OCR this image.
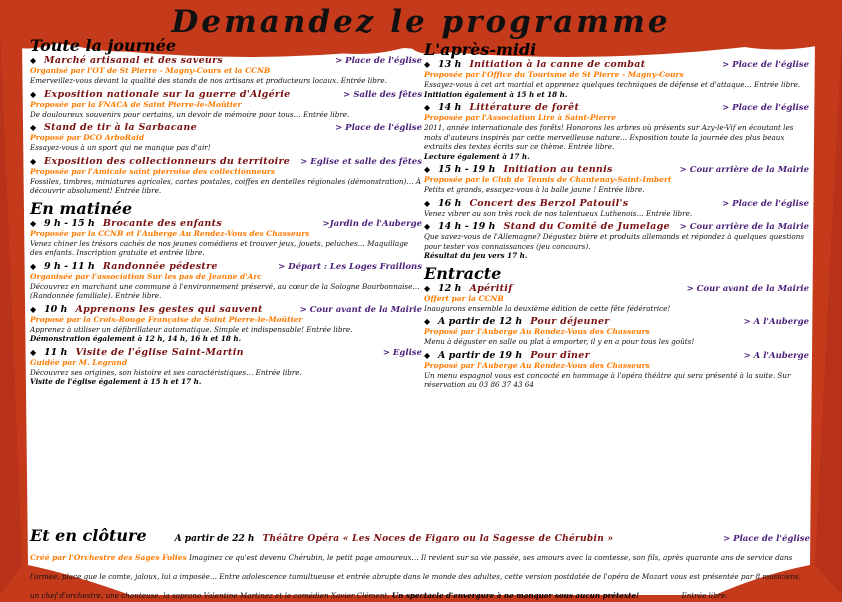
Demandez le programme
Toute la journée
◆ Marché artisanal et des saveurs	> Place de l'église
Organisé par l'OT de St Pierre - Magny-Cours et la CCNB
Emerveillez-vous devant la qualité des stands de nos artisans et producteurs locaux. Entrée libre.
◆ Exposition nationale sur la guerre d'Algérie	> Salle des fêtes
Proposée par la FNACA de Saint Pierre-le-Moûtier
De douloureux souvenirs pour certains, un devoir de mémoire pour tous… Entrée libre.
◆ Stand de tir à la Sarbacane	> Place de l'église
Proposé par DCO ArboRaid
Essayez-vous à un sport qui ne manque pas d'air!
◆ Exposition des collectionneurs du territoire > Eglise et salle des fêtes
Proposée par l'Amicale saint pierroise des collectionneurs
Fossiles, timbres, miniatures agricoles, cartes postales, coiffes en dentelles régionales (démonstration)… À découvrir absolument! Entrée libre.
En matinée
◆ 9 h - 15 h Brocante des enfants	>Jardin de l'Auberge
Proposée par la CCNB et l'Auberge Au Rendez-Vous des Chasseurs
Venez chiner les trésors cachés de nos jeunes comédiens et trouver jeux, jouets, peluches… Maquillage des enfants. Inscription gratuite et entrée libre.
◆ 9 h - 11 h Randonnée pédestre	> Départ : Les Loges Fraillons
Organisée par l'association Sur les pas de Jeanne d'Arc
Découvrez en marchant une commune à l'environnement préservé, au cœur de la Sologne Bourbonnaise… (Randonnée familiale). Entrée libre.
◆ 10 h Apprenons les gestes qui sauvent	> Cour avant de la Mairie
Proposé par la Croix-Rouge Française de Saint Pierre-le-Moûtier
Apprenez à utiliser un défibrillateur automatique. Simple et indispensable! Entrée libre.
Démonstration également à 12 h, 14 h, 16 h et 18 h.
◆ 11 h Visite de l'église Saint-Martin	> Eglise
Guidée par M. Legrand
Découvrez ses origines, son histoire et ses caractéristiques… Entrée libre.
Visite de l'église également à 15 h et 17 h.
L'après-midi
◆ 13 h Initiation à la canne de combat	> Place de l'église
Proposée par l'Office du Tourisme de St Pierre - Magny-Cours
Essayez-vous à cet art martial et apprenez quelques techniques de défense et d'attaque… Entrée libre.
Initiation également à 15 h et 18 h.
◆ 14 h Littérature de forêt	> Place de l'église
Proposée par l'Association Lire à Saint-Pierre
2011, année internationale des forêts! Honorons les arbres où présents sur Azy-le-Vif en écoutant les mots d'auteurs inspirés par cette merveilleuse nature… Exposition toute la journée des plus beaux extraits des textes écrits sur ce thème. Entrée libre.
Lecture également à 17 h.
◆ 15 h - 19 h Initiation au tennis	> Cour arrière de la Mairie
Proposée par le Club de Tennis de Chantenay-Saint-Imbert
Petits et grands, essayez-vous à la balle jaune ! Entrée libre.
◆ 16 h Concert des Berzol Patouil's	> Place de l'église
Venez vibrer au son très rock de nos talentueux Luthenois… Entrée libre.
◆ 14 h - 19 h Stand du Comité de Jumelage > Cour arrière de la Mairie
Que savez-vous de l'Allemagne? Dégustez bière et produits allemands et répondez à quelques questions pour tester vos connaissances (jeu concours).
Résultat du jeu vers 17 h.
Entracte
◆ 12 h Apéritif	> Cour avant de la Mairie
Offert par la CCNB
Inaugurons ensemble la deuxième édition de cette fête fédératrice!
◆ A partir de 12 h Pour déjeuner	> A l'Auberge
Proposé par l'Auberge Au Rendez-Vous des Chasseurs
Menu à déguster en salle ou plat à emporter, il y en a pour tous les goûts!
◆ A partir de 19 h Pour dîner	> A l'Auberge
Proposé par l'Auberge Au Rendez-Vous des Chasseurs
Un menu espagnol vous est concocté en hommage à l'opéra théâtre qui sera présenté à la suite. Sur réservation au 03 86 37 43 64
Et en clôture	A partir de 22 h Théâtre Opéra « Les Noces de Figaro ou la Sagesse de Chérubin »	> Place de l'église
Créé par l'Orchestre des Sages Folies Imaginez ce qu'est devenu Chérubin, le petit page amoureux… Il revient sur sa vie passée, ses amours avec la comtesse, son fils, après quarante ans de service dans l'armée, place que le comte, jaloux, lui a imposée… Entre adolescence tumultueuse et entrée abrupte dans le monde des adultes, cette version postdatée de l'opéra de Mozart vous est présentée par 8 musiciens, un chef d'orchestre, une chanteuse, la soprano Valentine Martinez et le comédien Xavier Clément. Un spectacle d'envergure à ne manquer sous aucun prétexte!	Entrée libre.
